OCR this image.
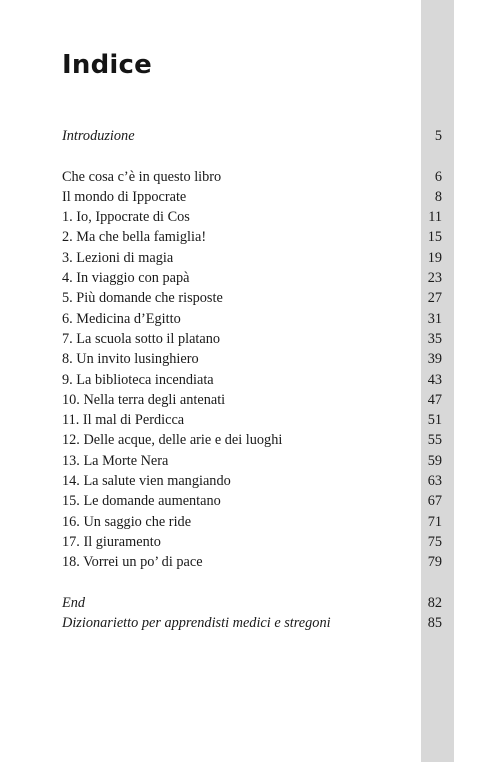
Indice
Introduzione	5
Che cosa c’è in questo libro	6
Il mondo di Ippocrate	8
1. Io, Ippocrate di Cos	11
2. Ma che bella famiglia!	15
3. Lezioni di magia	19
4. In viaggio con papà	23
5. Più domande che risposte	27
6. Medicina d’Egitto	31
7. La scuola sotto il platano	35
8. Un invito lusinghiero	39
9. La biblioteca incendiata	43
10. Nella terra degli antenati	47
11. Il mal di Perdicca	51
12. Delle acque, delle arie e dei luoghi	55
13. La Morte Nera	59
14. La salute vien mangiando	63
15. Le domande aumentano	67
16. Un saggio che ride	71
17. Il giuramento	75
18. Vorrei un po’ di pace	79
End	82
Dizionarietto per apprendisti medici e stregoni	85
